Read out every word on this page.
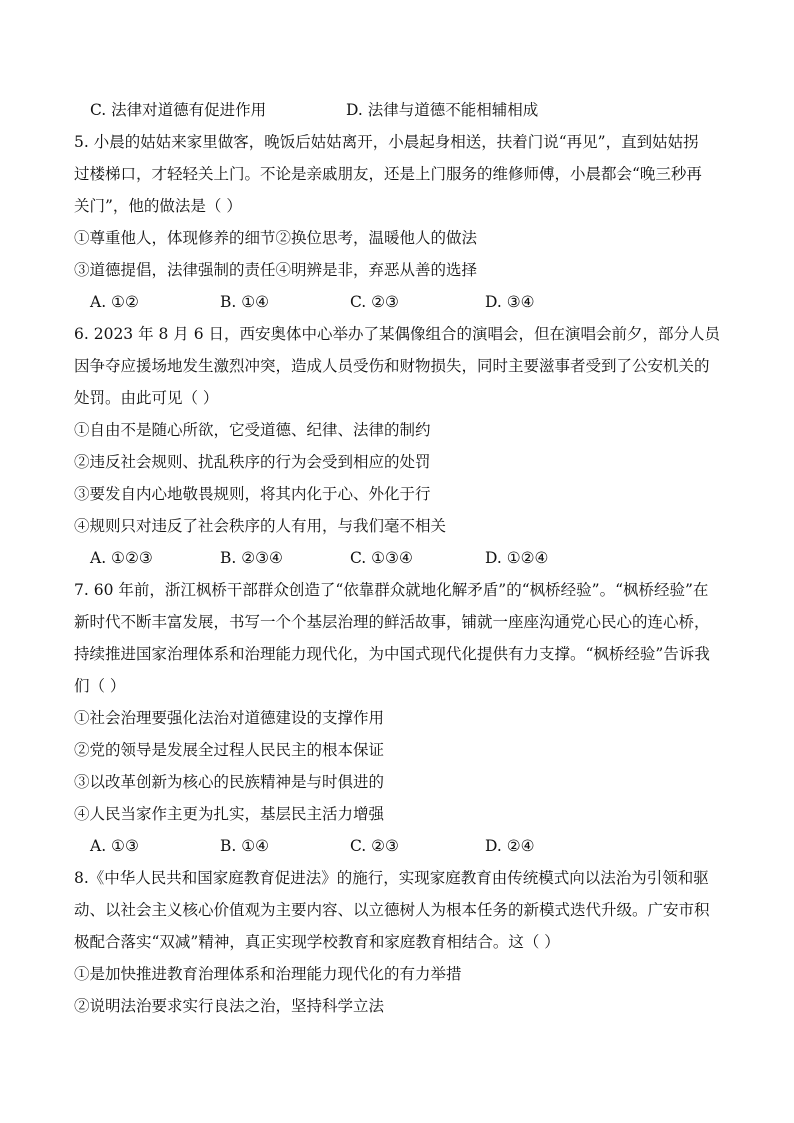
C. 法律对道德有促进作用	D. 法律与道德不能相辅相成
5. 小晨的姑姑来家里做客，晚饭后姑姑离开，小晨起身相送，扶着门说“再见”，直到姑姑拐
过楼梯口，才轻轻关上门。不论是亲戚朋友，还是上门服务的维修师傅，小晨都会“晚三秒再
关门”，他的做法是（ ）
①尊重他人，体现修养的细节②换位思考，温暖他人的做法
③道德提倡，法律强制的责任④明辨是非，弃恶从善的选择
A. ①②	B. ①④	C. ②③	D. ③④
6. 2023 年 8 月 6 日，西安奥体中心举办了某偶像组合的演唱会，但在演唱会前夕，部分人员
因争夺应援场地发生激烈冲突，造成人员受伤和财物损失，同时主要滋事者受到了公安机关的
处罚。由此可见（ ）
①自由不是随心所欲，它受道德、纪律、法律的制约
②违反社会规则、扰乱秩序的行为会受到相应的处罚
③要发自内心地敬畏规则，将其内化于心、外化于行
④规则只对违反了社会秩序的人有用，与我们毫不相关
A. ①②③	B. ②③④	C. ①③④	D. ①②④
7. 60 年前，浙江枫桥干部群众创造了“依靠群众就地化解矛盾”的“枫桥经验”。“枫桥经验”在
新时代不断丰富发展，书写一个个基层治理的鲜活故事，铺就一座座沟通党心民心的连心桥，
持续推进国家治理体系和治理能力现代化，为中国式现代化提供有力支撑。“枫桥经验”告诉我
们（ ）
①社会治理要强化法治对道德建设的支撑作用
②党的领导是发展全过程人民民主的根本保证
③以改革创新为核心的民族精神是与时俱进的
④人民当家作主更为扎实，基层民主活力增强
A. ①③	B. ①④	C. ②③	D. ②④
8.《中华人民共和国家庭教育促进法》的施行，实现家庭教育由传统模式向以法治为引领和驱
动、以社会主义核心价值观为主要内容、以立德树人为根本任务的新模式迭代升级。广安市积
极配合落实“双减”精神，真正实现学校教育和家庭教育相结合。这（ ）
①是加快推进教育治理体系和治理能力现代化的有力举措
②说明法治要求实行良法之治，坚持科学立法
